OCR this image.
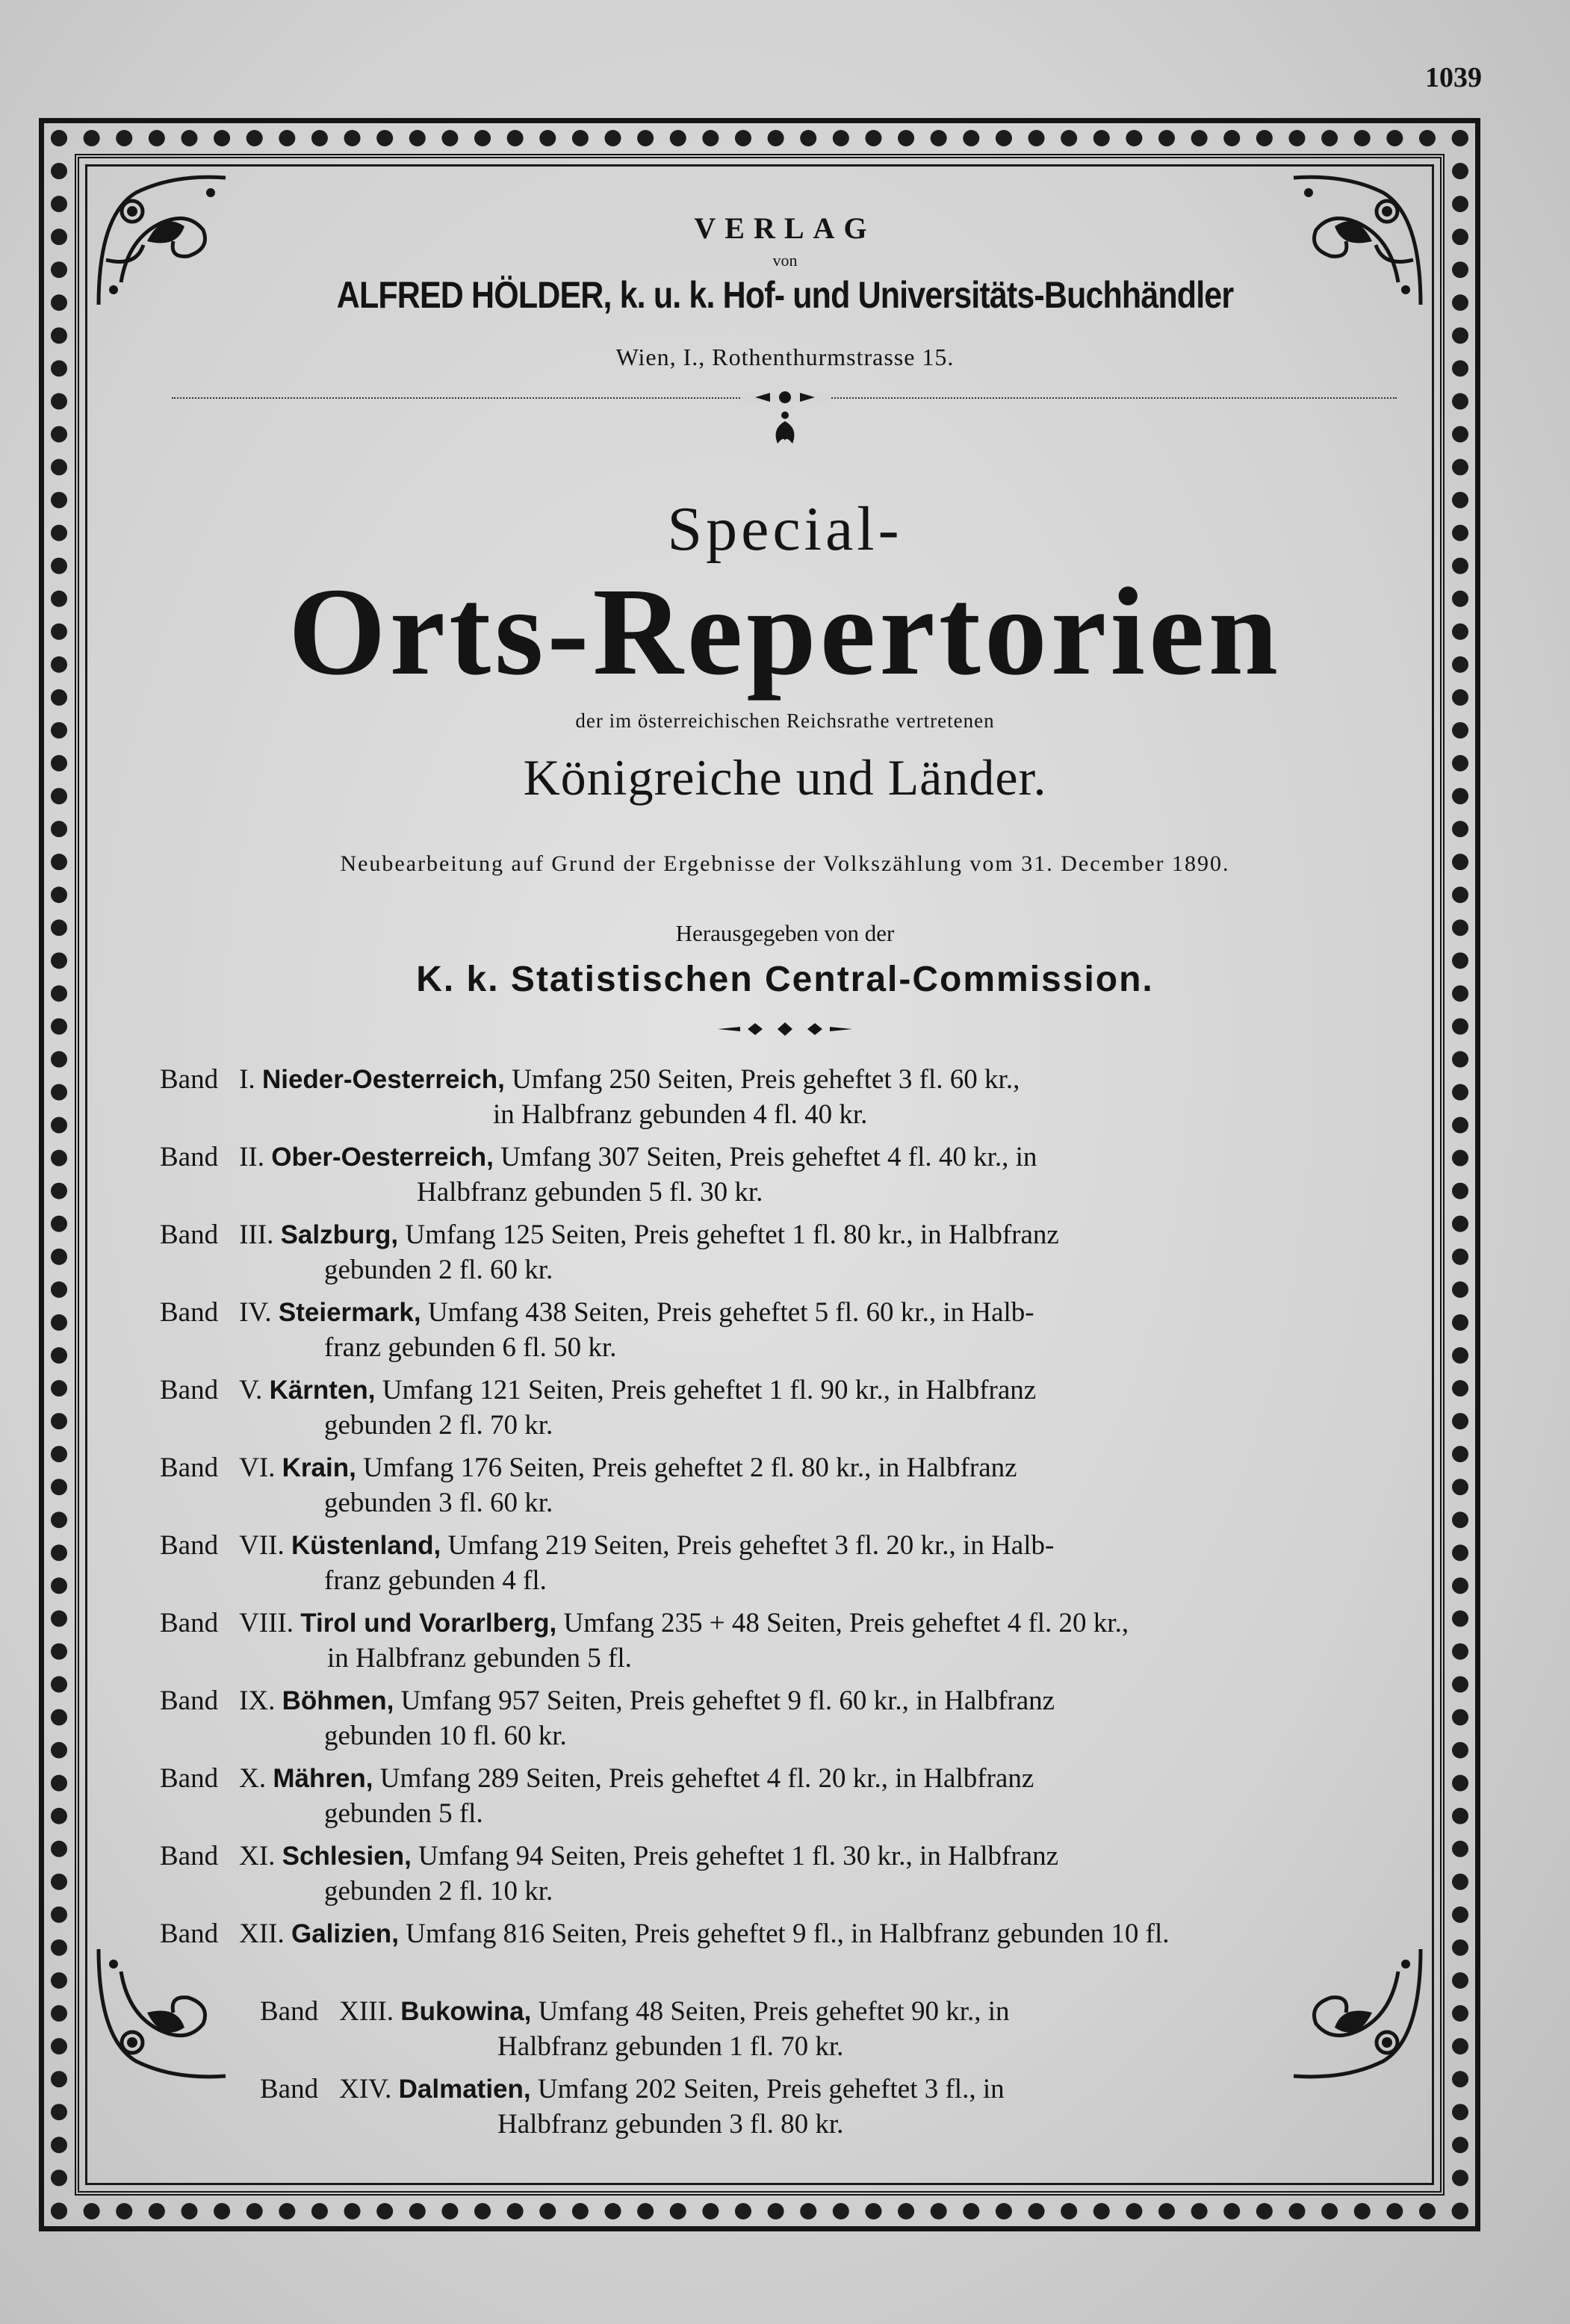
1039
VERLAG
von
ALFRED HÖLDER, k. u. k. Hof- und Universitäts-Buchhändler
Wien, I., Rothenthurmstrasse 15.
Special-
Orts-Repertorien
der im österreichischen Reichsrathe vertretenen
Königreiche und Länder.
Neubearbeitung auf Grund der Ergebnisse der Volkszählung vom 31. December 1890.
Herausgegeben von der
K. k. Statistischen Central-Commission.
Band I. Nieder-Oesterreich, Umfang 250 Seiten, Preis geheftet 3 fl. 60 kr.,
in Halbfranz gebunden 4 fl. 40 kr.
Band II. Ober-Oesterreich, Umfang 307 Seiten, Preis geheftet 4 fl. 40 kr., in
Halbfranz gebunden 5 fl. 30 kr.
Band III. Salzburg, Umfang 125 Seiten, Preis geheftet 1 fl. 80 kr., in Halbfranz
gebunden 2 fl. 60 kr.
Band IV. Steiermark, Umfang 438 Seiten, Preis geheftet 5 fl. 60 kr., in Halb-
franz gebunden 6 fl. 50 kr.
Band V. Kärnten, Umfang 121 Seiten, Preis geheftet 1 fl. 90 kr., in Halbfranz
gebunden 2 fl. 70 kr.
Band VI. Krain, Umfang 176 Seiten, Preis geheftet 2 fl. 80 kr., in Halbfranz
gebunden 3 fl. 60 kr.
Band VII. Küstenland, Umfang 219 Seiten, Preis geheftet 3 fl. 20 kr., in Halb-
franz gebunden 4 fl.
Band VIII. Tirol und Vorarlberg, Umfang 235 + 48 Seiten, Preis geheftet 4 fl. 20 kr.,
in Halbfranz gebunden 5 fl.
Band IX. Böhmen, Umfang 957 Seiten, Preis geheftet 9 fl. 60 kr., in Halbfranz
gebunden 10 fl. 60 kr.
Band X. Mähren, Umfang 289 Seiten, Preis geheftet 4 fl. 20 kr., in Halbfranz
gebunden 5 fl.
Band XI. Schlesien, Umfang 94 Seiten, Preis geheftet 1 fl. 30 kr., in Halbfranz
gebunden 2 fl. 10 kr.
Band XII. Galizien, Umfang 816 Seiten, Preis geheftet 9 fl., in Halbfranz gebunden 10 fl.
Band XIII. Bukowina, Umfang 48 Seiten, Preis geheftet 90 kr., in
Halbfranz gebunden 1 fl. 70 kr.
Band XIV. Dalmatien, Umfang 202 Seiten, Preis geheftet 3 fl., in
Halbfranz gebunden 3 fl. 80 kr.
